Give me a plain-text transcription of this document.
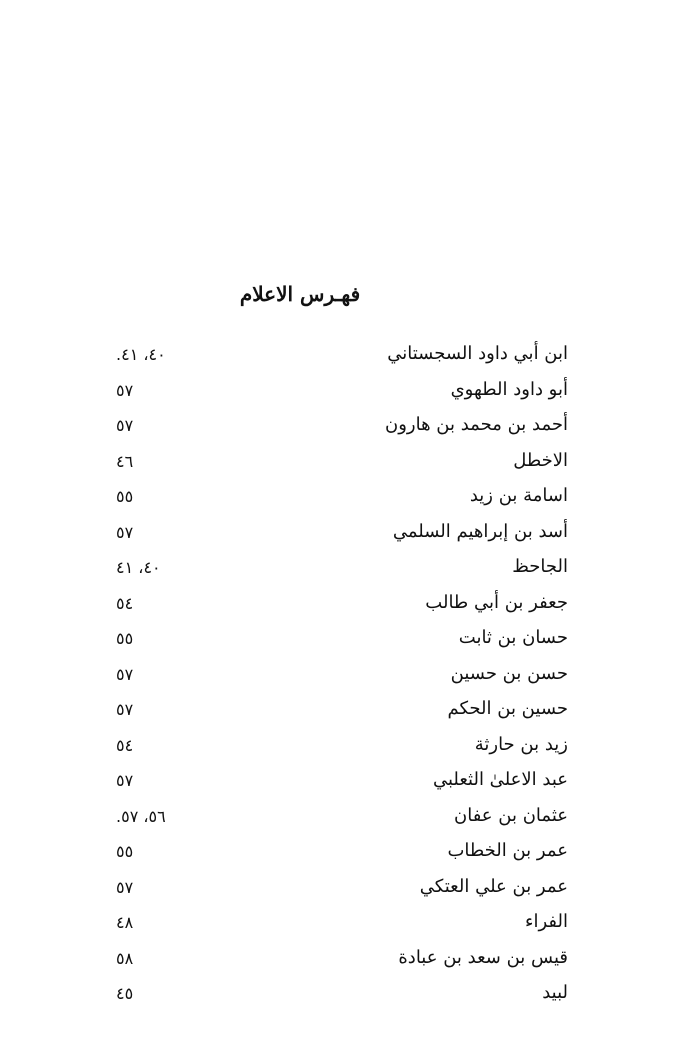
فهـرس الاعلام
ابن أبي داود السجستاني
٤٠، ٤١.
أبو داود الطهوي
٥٧
أحمد بن محمد بن هارون
٥٧
الاخطل
٤٦
اسامة بن زيد
٥٥
أسد بن إبراهيم السلمي
٥٧
الجاحظ
٤٠، ٤١
جعفر بن أبي طالب
٥٤
حسان بن ثابت
٥٥
حسن بن حسين
٥٧
حسين بن الحكم
٥٧
زيد بن حارثة
٥٤
عبد الاعلىٰ الثعلبي
٥٧
عثمان بن عفان
٥٦، ٥٧.
عمر بن الخطاب
٥٥
عمر بن علي العتكي
٥٧
الفراء
٤٨
قيس بن سعد بن عبادة
٥٨
لبيد
٤٥
